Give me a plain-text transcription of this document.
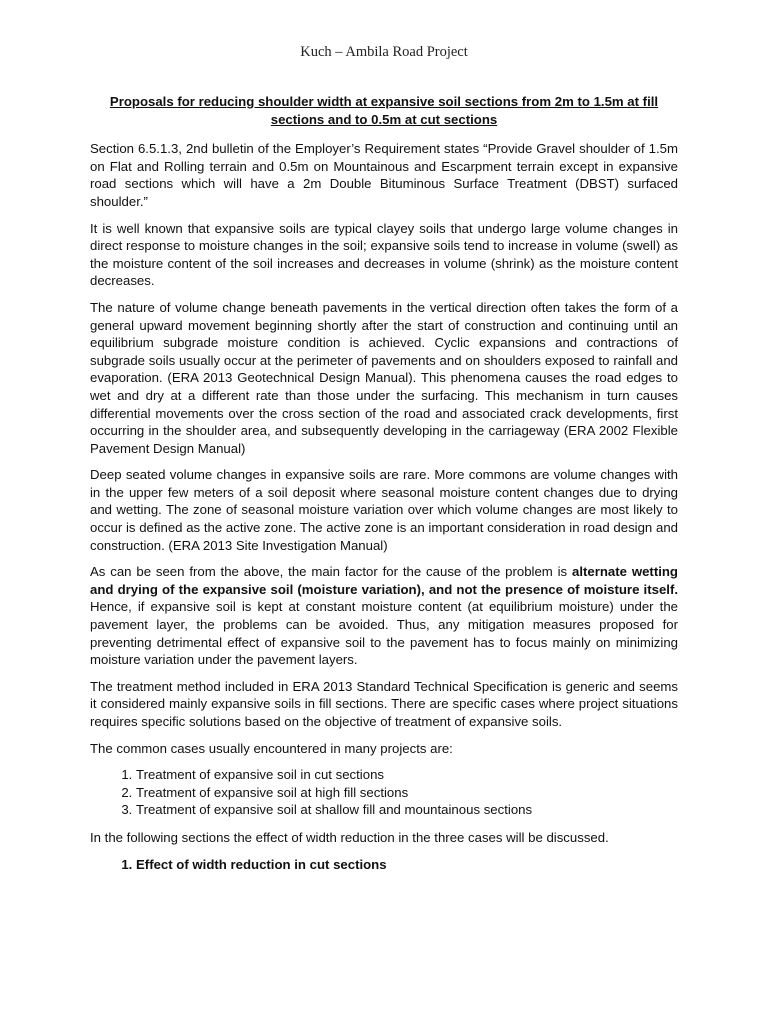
Kuch – Ambila Road Project

Proposals for reducing shoulder width at expansive soil sections from 2m to 1.5m at fill sections and to 0.5m at cut sections

Section 6.5.1.3, 2nd bulletin of the Employer’s Requirement states “Provide Gravel shoulder of 1.5m on Flat and Rolling terrain and 0.5m on Mountainous and Escarpment terrain except in expansive road sections which will have a 2m Double Bituminous Surface Treatment (DBST) surfaced shoulder.”

It is well known that expansive soils are typical clayey soils that undergo large volume changes in direct response to moisture changes in the soil; expansive soils tend to increase in volume (swell) as the moisture content of the soil increases and decreases in volume (shrink) as the moisture content decreases.

The nature of volume change beneath pavements in the vertical direction often takes the form of a general upward movement beginning shortly after the start of construction and continuing until an equilibrium subgrade moisture condition is achieved. Cyclic expansions and contractions of subgrade soils usually occur at the perimeter of pavements and on shoulders exposed to rainfall and evaporation. (ERA 2013 Geotechnical Design Manual). This phenomena causes the road edges to wet and dry at a different rate than those under the surfacing. This mechanism in turn causes differential movements over the cross section of the road and associated crack developments, first occurring in the shoulder area, and subsequently developing in the carriageway (ERA 2002 Flexible Pavement Design Manual)

Deep seated volume changes in expansive soils are rare. More commons are volume changes with in the upper few meters of a soil deposit where seasonal moisture content changes due to drying and wetting. The zone of seasonal moisture variation over which volume changes are most likely to occur is defined as the active zone. The active zone is an important consideration in road design and construction. (ERA 2013 Site Investigation Manual)

As can be seen from the above, the main factor for the cause of the problem is alternate wetting and drying of the expansive soil (moisture variation), and not the presence of moisture itself. Hence, if expansive soil is kept at constant moisture content (at equilibrium moisture) under the pavement layer, the problems can be avoided. Thus, any mitigation measures proposed for preventing detrimental effect of expansive soil to the pavement has to focus mainly on minimizing moisture variation under the pavement layers.

The treatment method included in ERA 2013 Standard Technical Specification is generic and seems it considered mainly expansive soils in fill sections. There are specific cases where project situations requires specific solutions based on the objective of treatment of expansive soils.

The common cases usually encountered in many projects are:

1. Treatment of expansive soil in cut sections
2. Treatment of expansive soil at high fill sections
3. Treatment of expansive soil at shallow fill and mountainous sections

In the following sections the effect of width reduction in the three cases will be discussed.

1. Effect of width reduction in cut sections
